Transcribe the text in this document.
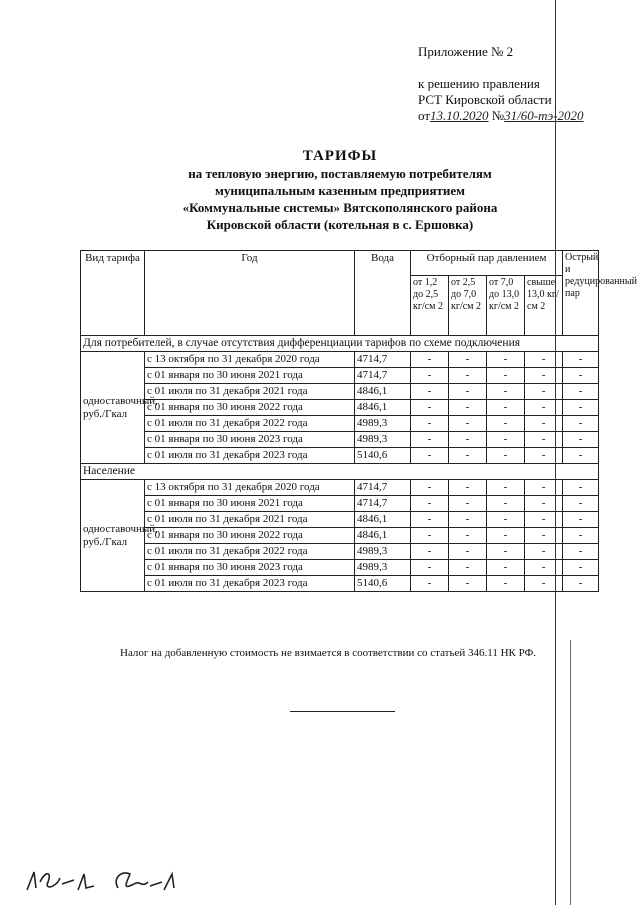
Приложение № 2
к решению правления
РСТ Кировской области
от13.10.2020 №31/60-тэ-2020
ТАРИФЫ
на тепловую энергию, поставляемую потребителям
муниципальным казенным предприятием
«Коммунальные системы» Вятскополянского района
Кировской области (котельная в с. Ершовка)
Вид тарифа	Год	Вода	Отборный пар давлением				Острый и редуцированный пар
			от 1,2 до 2,5 кг/см 2	от 2,5 до 7,0 кг/см 2	от 7,0 до 13,0 кг/см 2	свыше 13,0 кг/см 2	
Для потребителей, в случае отсутствия дифференциации тарифов по схеме подключения							
одноставочный, руб./Гкал	с 13 октября по 31 декабря 2020 года	4714,7	-	-	-	-	-
	с 01 января по 30 июня 2021 года	4714,7	-	-	-	-	-
	с 01 июля по 31 декабря 2021 года	4846,1	-	-	-	-	-
	с 01 января по 30 июня 2022 года	4846,1	-	-	-	-	-
	с 01 июля по 31 декабря 2022 года	4989,3	-	-	-	-	-
	с 01 января по 30 июня 2023 года	4989,3	-	-	-	-	-
	с 01 июля по 31 декабря 2023 года	5140,6	-	-	-	-	-
Население							
одноставочный, руб./Гкал	с 13 октября по 31 декабря 2020 года	4714,7	-	-	-	-	-
	с 01 января по 30 июня 2021 года	4714,7	-	-	-	-	-
	с 01 июля по 31 декабря 2021 года	4846,1	-	-	-	-	-
	с 01 января по 30 июня 2022 года	4846,1	-	-	-	-	-
	с 01 июля по 31 декабря 2022 года	4989,3	-	-	-	-	-
	с 01 января по 30 июня 2023 года	4989,3	-	-	-	-	-
	с 01 июля по 31 декабря 2023 года	5140,6	-	-	-	-	-
Налог на добавленную стоимость не взимается в соответствии со статьей 346.11 НК РФ.
